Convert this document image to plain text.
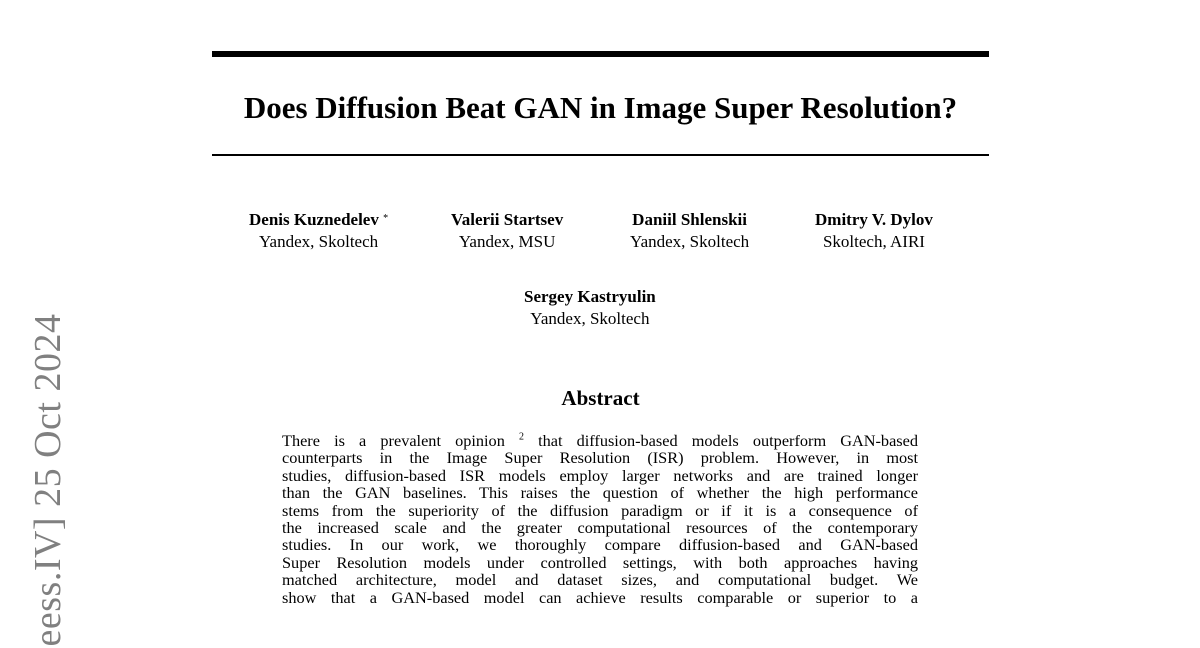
Does Diffusion Beat GAN in Image Super Resolution?
Denis Kuznedelev *
Yandex, Skoltech
Valerii Startsev
Yandex, MSU
Daniil Shlenskii
Yandex, Skoltech
Dmitry V. Dylov
Skoltech, AIRI
Sergey Kastryulin
Yandex, Skoltech
Abstract
There is a prevalent opinion $^2$ that diffusion-based models outperform GAN-based
counterparts in the Image Super Resolution (ISR) problem. However, in most
studies, diffusion-based ISR models employ larger networks and are trained longer
than the GAN baselines. This raises the question of whether the high performance
stems from the superiority of the diffusion paradigm or if it is a consequence of
the increased scale and the greater computational resources of the contemporary
studies. In our work, we thoroughly compare diffusion-based and GAN-based
Super Resolution models under controlled settings, with both approaches having
matched architecture, model and dataset sizes, and computational budget. We
show that a GAN-based model can achieve results comparable or superior to a
eess.IV] 25 Oct 2024
